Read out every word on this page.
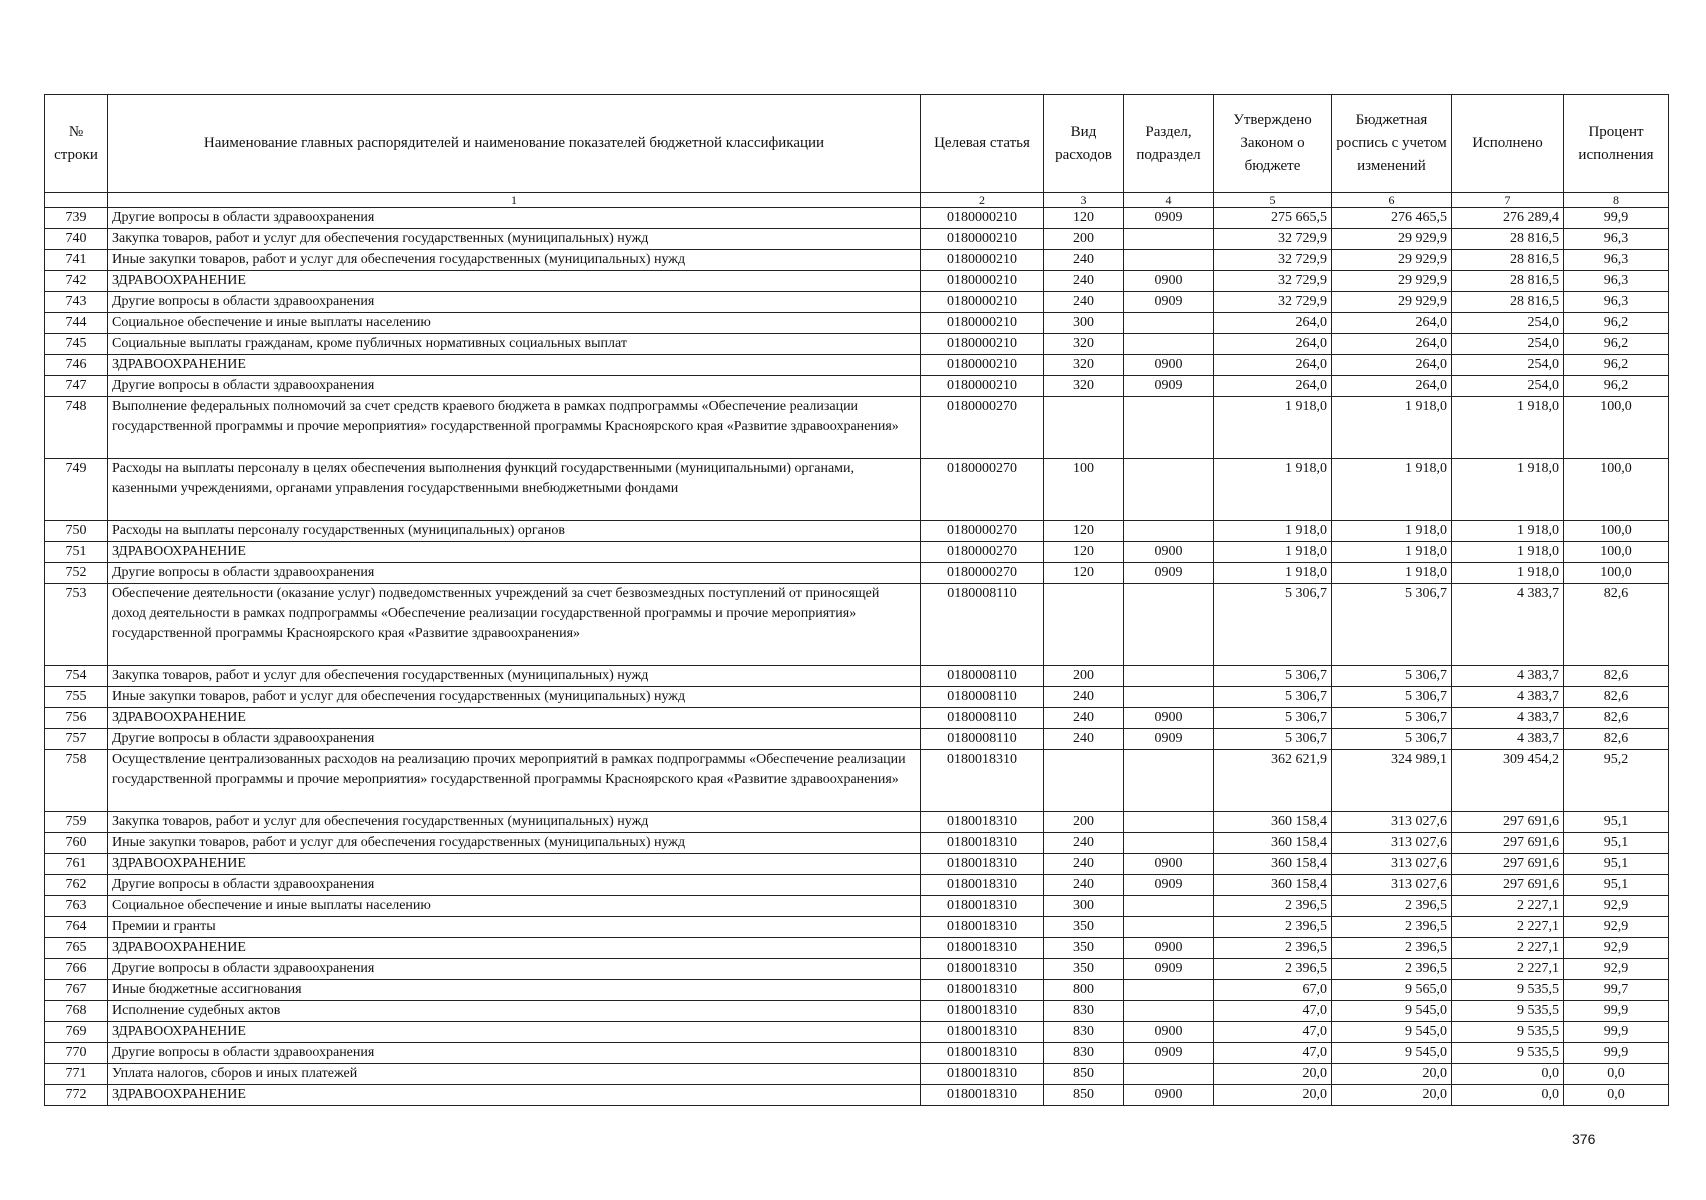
№ строки	Наименование главных распорядителей и наименование показателей бюджетной классификации	Целевая статья	Вид расходов	Раздел, подраздел	Утверждено Законом о бюджете	Бюджетная роспись с учетом изменений	Исполнено	Процент исполнения
	1	2	3	4	5	6	7	8
739	Другие вопросы в области здравоохранения	0180000210	120	0909	275 665,5	276 465,5	276 289,4	99,9
740	Закупка товаров, работ и услуг для обеспечения государственных (муниципальных) нужд	0180000210	200		32 729,9	29 929,9	28 816,5	96,3
741	Иные закупки товаров, работ и услуг для обеспечения государственных (муниципальных) нужд	0180000210	240		32 729,9	29 929,9	28 816,5	96,3
742	ЗДРАВООХРАНЕНИЕ	0180000210	240	0900	32 729,9	29 929,9	28 816,5	96,3
743	Другие вопросы в области здравоохранения	0180000210	240	0909	32 729,9	29 929,9	28 816,5	96,3
744	Социальное обеспечение и иные выплаты населению	0180000210	300		264,0	264,0	254,0	96,2
745	Социальные выплаты гражданам, кроме публичных нормативных социальных выплат	0180000210	320		264,0	264,0	254,0	96,2
746	ЗДРАВООХРАНЕНИЕ	0180000210	320	0900	264,0	264,0	254,0	96,2
747	Другие вопросы в области здравоохранения	0180000210	320	0909	264,0	264,0	254,0	96,2
748	Выполнение федеральных полномочий за счет средств краевого бюджета в рамках подпрограммы «Обеспечение реализации государственной программы и прочие мероприятия» государственной программы Красноярского края «Развитие здравоохранения»	0180000270			1 918,0	1 918,0	1 918,0	100,0
749	Расходы на выплаты персоналу в целях обеспечения выполнения функций государственными (муниципальными) органами, казенными учреждениями, органами управления государственными внебюджетными фондами	0180000270	100		1 918,0	1 918,0	1 918,0	100,0
750	Расходы на выплаты персоналу государственных (муниципальных) органов	0180000270	120		1 918,0	1 918,0	1 918,0	100,0
751	ЗДРАВООХРАНЕНИЕ	0180000270	120	0900	1 918,0	1 918,0	1 918,0	100,0
752	Другие вопросы в области здравоохранения	0180000270	120	0909	1 918,0	1 918,0	1 918,0	100,0
753	Обеспечение деятельности (оказание услуг) подведомственных учреждений за счет безвозмездных поступлений от приносящей доход деятельности в рамках подпрограммы «Обеспечение реализации государственной программы и прочие мероприятия» государственной программы Красноярского края «Развитие здравоохранения»	0180008110			5 306,7	5 306,7	4 383,7	82,6
754	Закупка товаров, работ и услуг для обеспечения государственных (муниципальных) нужд	0180008110	200		5 306,7	5 306,7	4 383,7	82,6
755	Иные закупки товаров, работ и услуг для обеспечения государственных (муниципальных) нужд	0180008110	240		5 306,7	5 306,7	4 383,7	82,6
756	ЗДРАВООХРАНЕНИЕ	0180008110	240	0900	5 306,7	5 306,7	4 383,7	82,6
757	Другие вопросы в области здравоохранения	0180008110	240	0909	5 306,7	5 306,7	4 383,7	82,6
758	Осуществление централизованных расходов на реализацию прочих мероприятий в рамках подпрограммы «Обеспечение реализации государственной программы и прочие мероприятия» государственной программы Красноярского края «Развитие здравоохранения»	0180018310			362 621,9	324 989,1	309 454,2	95,2
759	Закупка товаров, работ и услуг для обеспечения государственных (муниципальных) нужд	0180018310	200		360 158,4	313 027,6	297 691,6	95,1
760	Иные закупки товаров, работ и услуг для обеспечения государственных (муниципальных) нужд	0180018310	240		360 158,4	313 027,6	297 691,6	95,1
761	ЗДРАВООХРАНЕНИЕ	0180018310	240	0900	360 158,4	313 027,6	297 691,6	95,1
762	Другие вопросы в области здравоохранения	0180018310	240	0909	360 158,4	313 027,6	297 691,6	95,1
763	Социальное обеспечение и иные выплаты населению	0180018310	300		2 396,5	2 396,5	2 227,1	92,9
764	Премии и гранты	0180018310	350		2 396,5	2 396,5	2 227,1	92,9
765	ЗДРАВООХРАНЕНИЕ	0180018310	350	0900	2 396,5	2 396,5	2 227,1	92,9
766	Другие вопросы в области здравоохранения	0180018310	350	0909	2 396,5	2 396,5	2 227,1	92,9
767	Иные бюджетные ассигнования	0180018310	800		67,0	9 565,0	9 535,5	99,7
768	Исполнение судебных актов	0180018310	830		47,0	9 545,0	9 535,5	99,9
769	ЗДРАВООХРАНЕНИЕ	0180018310	830	0900	47,0	9 545,0	9 535,5	99,9
770	Другие вопросы в области здравоохранения	0180018310	830	0909	47,0	9 545,0	9 535,5	99,9
771	Уплата налогов, сборов и иных платежей	0180018310	850		20,0	20,0	0,0	0,0
772	ЗДРАВООХРАНЕНИЕ	0180018310	850	0900	20,0	20,0	0,0	0,0
376
